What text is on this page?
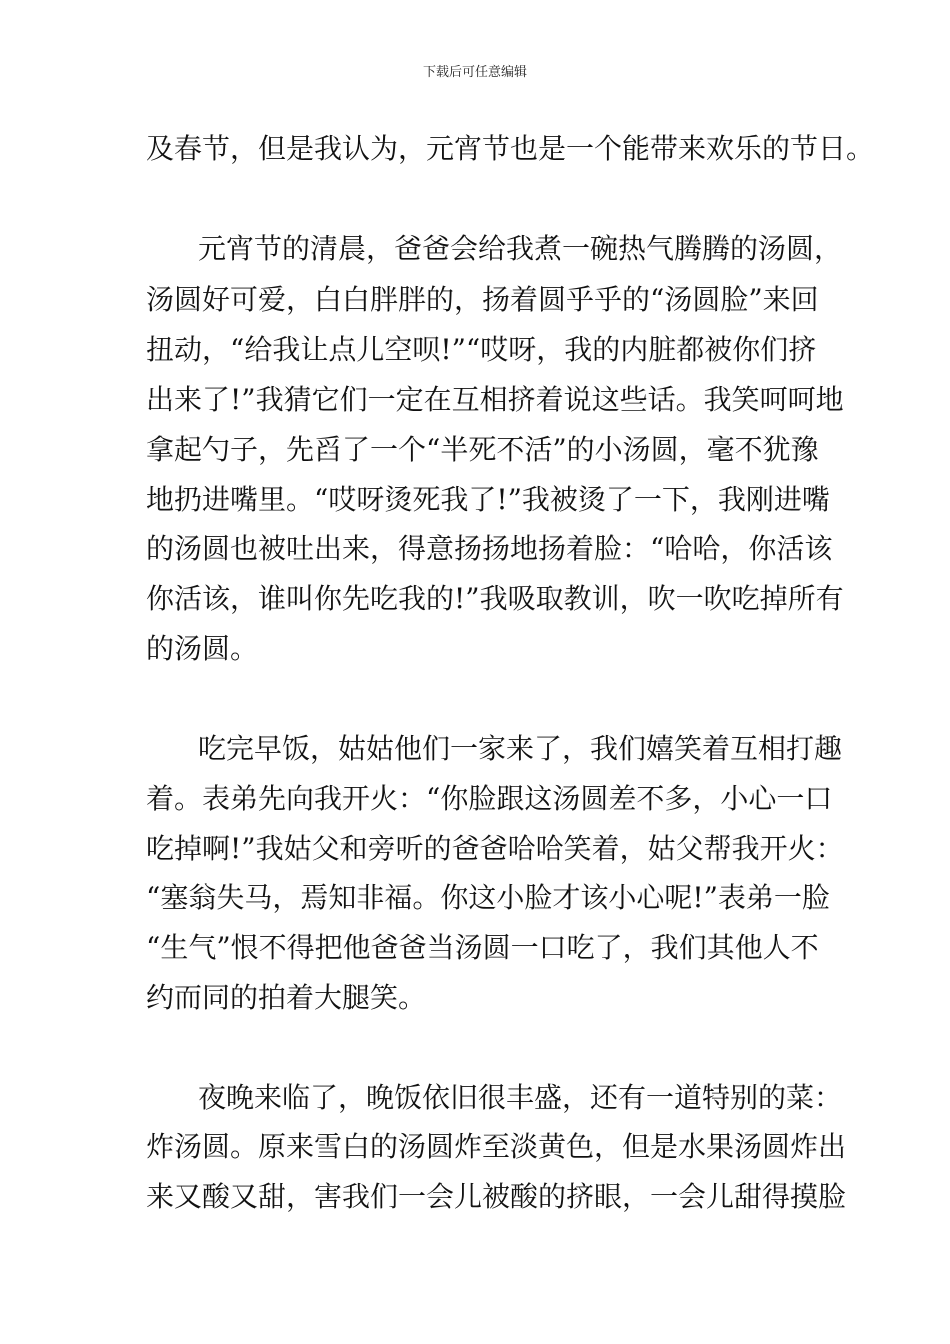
下载后可任意编辑
及春节，但是我认为，元宵节也是一个能带来欢乐的节日。
元宵节的清晨，爸爸会给我煮一碗热气腾腾的汤圆，
汤圆好可爱，白白胖胖的，扬着圆乎乎的“汤圆脸”来回
扭动，“给我让点儿空呗!”“哎呀，我的内脏都被你们挤
出来了!”我猜它们一定在互相挤着说这些话。我笑呵呵地
拿起勺子，先舀了一个“半死不活”的小汤圆，毫不犹豫
地扔进嘴里。“哎呀烫死我了!”我被烫了一下，我刚进嘴
的汤圆也被吐出来，得意扬扬地扬着脸：“哈哈，你活该
你活该，谁叫你先吃我的!”我吸取教训，吹一吹吃掉所有
的汤圆。
吃完早饭，姑姑他们一家来了，我们嬉笑着互相打趣
着。表弟先向我开火：“你脸跟这汤圆差不多，小心一口
吃掉啊!”我姑父和旁听的爸爸哈哈笑着，姑父帮我开火：
“塞翁失马，焉知非福。你这小脸才该小心呢!”表弟一脸
“生气”恨不得把他爸爸当汤圆一口吃了，我们其他人不
约而同的拍着大腿笑。
夜晚来临了，晚饭依旧很丰盛，还有一道特别的菜：
炸汤圆。原来雪白的汤圆炸至淡黄色，但是水果汤圆炸出
来又酸又甜，害我们一会儿被酸的挤眼，一会儿甜得摸脸
